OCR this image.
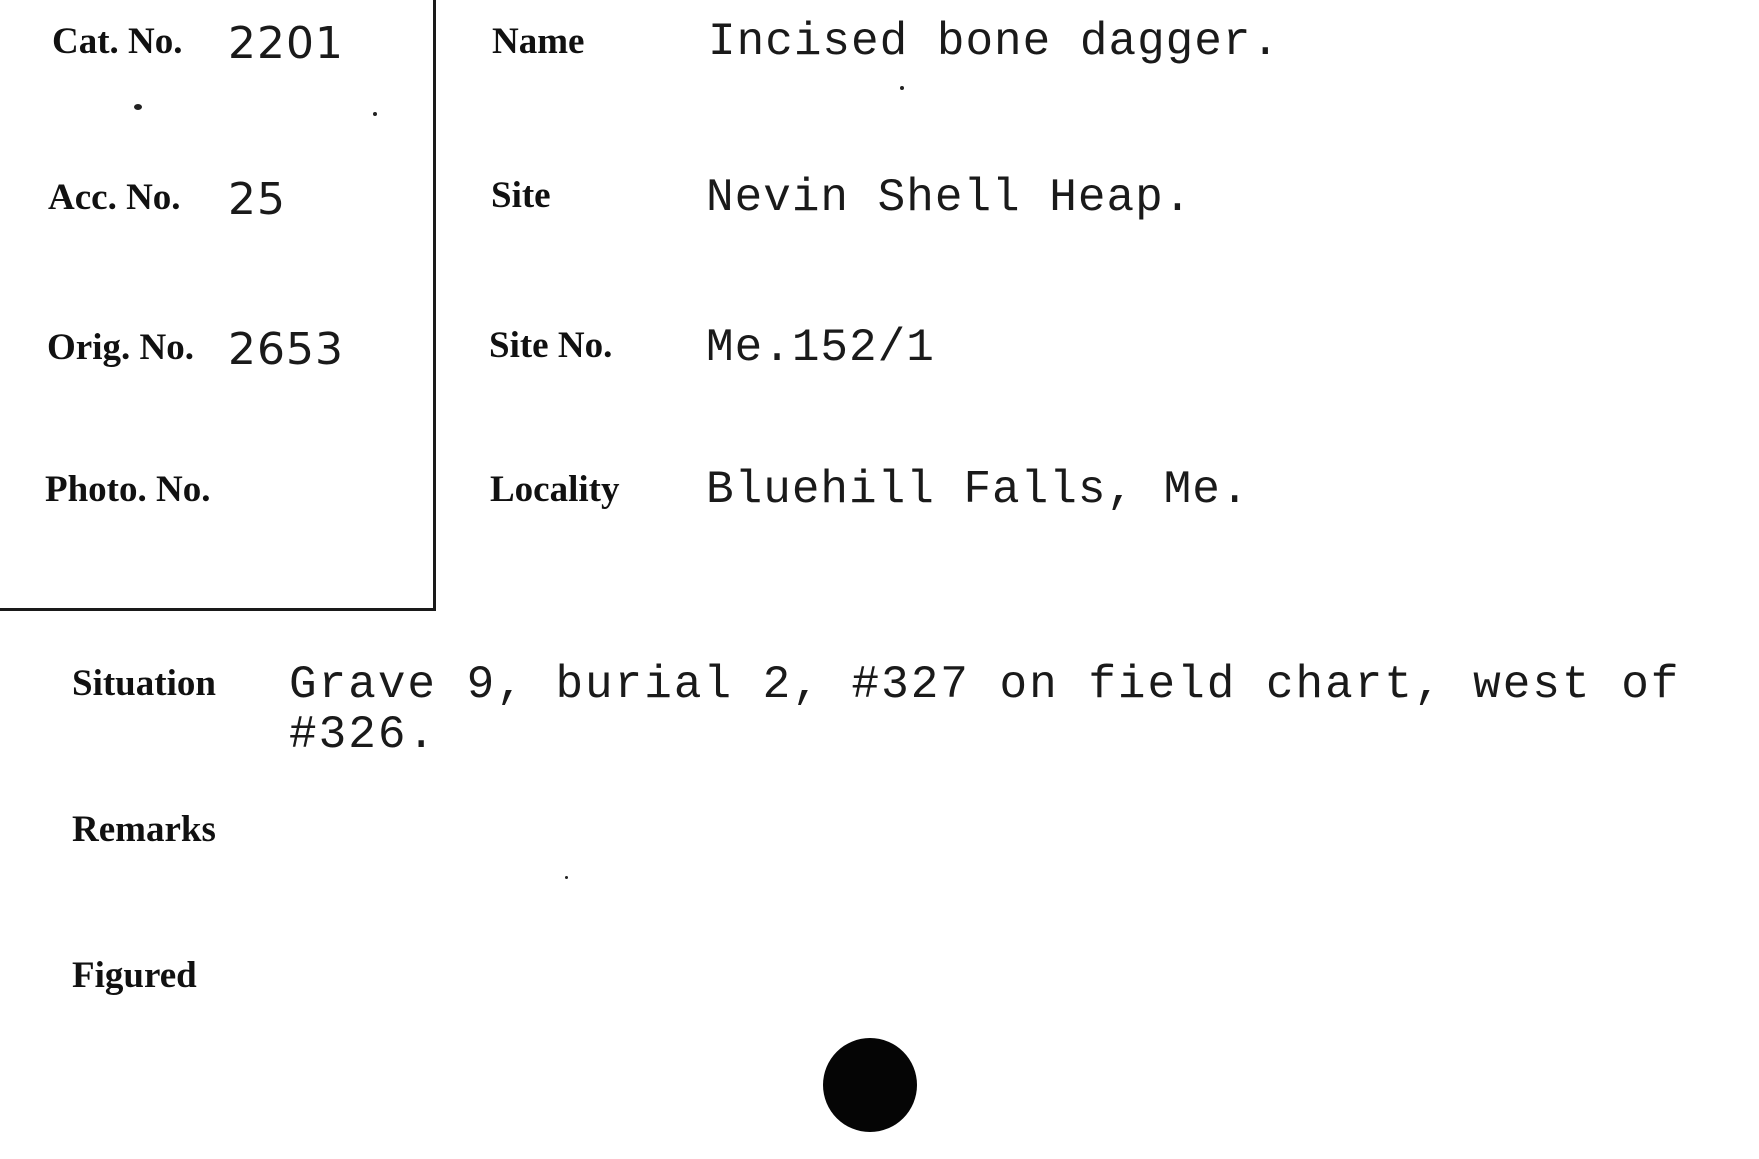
Cat. No. 2201
Acc. No. 25
Orig. No. 2653
Photo. No.
Name	Incised bone dagger.
Site	Nevin Shell Heap.
Site No. Me.152/1
Locality Bluehill Falls, Me.
Situation Grave 9, burial 2, #327 on field chart, west of
#326.
Remarks
Figured
